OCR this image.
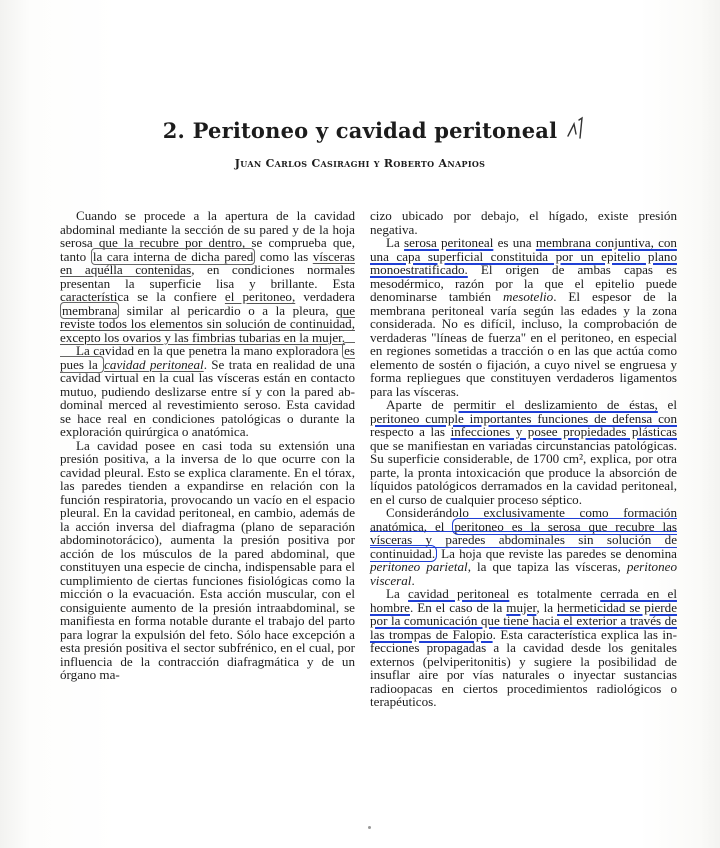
2. Peritoneo y cavidad peritoneal
Juan Carlos Casiraghi y Roberto Anapios

Cuando se procede a la apertura de la cavidad abdominal mediante la sección de su pared y de la hoja serosa que la recubre por dentro, se comprueba que, tanto la cara interna de dicha pared como las vísceras en aquélla contenidas, en condiciones normales presentan la superficie lisa y brillante. Esta característica se la confiere el peritoneo, verdadera membrana similar al pericardio o a la pleura, que reviste todos los elementos sin solución de continuidad, excepto los ovarios y las fimbrias tubarias en la mujer.

La cavidad en la que penetra la mano exploradora es pues la cavidad peritoneal. Se trata en realidad de una cavidad virtual en la cual las vísceras están en contacto mutuo, pudiendo deslizarse entre sí y con la pared abdominal merced al revestimiento seroso. Esta cavidad se hace real en condiciones patológicas o durante la exploración quirúrgica o anatómica.

La cavidad posee en casi toda su extensión una presión positiva, a la inversa de lo que ocurre con la cavidad pleural. Esto se explica claramente. En el tórax, las paredes tienden a expandirse en relación con la función respiratoria, provocando un vacío en el espacio pleural. En la cavidad peritoneal, en cambio, además de la acción inversa del diafragma (plano de separación abdominotorácico), aumenta la presión positiva por acción de los músculos de la pared abdominal, que constituyen una especie de cincha, indispensable para el cumplimiento de ciertas funciones fisiológicas como la micción o la evacuación. Esta acción muscular, con el consiguiente aumento de la presión intraabdominal, se manifiesta en forma notable durante el trabajo del parto para lograr la expulsión del feto. Sólo hace excepción a esta presión positiva el sector subfrénico, en el cual, por influencia de la contracción diafragmática y de un órgano ma-

cizo ubicado por debajo, el hígado, existe presión negativa.

La serosa peritoneal es una membrana conjuntiva, con una capa superficial constituida por un epitelio plano monoestratificado. El origen de ambas capas es mesodérmico, razón por la que el epitelio puede denominarse también mesotelio. El espesor de la membrana peritoneal varía según las edades y la zona considerada. No es difícil, incluso, la comprobación de verdaderas "líneas de fuerza" en el peritoneo, en especial en regiones sometidas a tracción o en las que actúa como elemento de sostén o fijación, a cuyo nivel se engruesa y forma repliegues que constituyen verdaderos ligamentos para las vísceras.

Aparte de permitir el deslizamiento de éstas, el peritoneo cumple importantes funciones de defensa con respecto a las infecciones y posee propiedades plásticas que se manifiestan en variadas circunstancias patológicas. Su superficie considerable, de 1700 cm², explica, por otra parte, la pronta intoxicación que produce la absorción de líquidos patológicos derramados en la cavidad peritoneal, en el curso de cualquier proceso séptico.

Considerándolo exclusivamente como formación anatómica, el peritoneo es la serosa que recubre las vísceras y paredes abdominales sin solución de continuidad. La hoja que reviste las paredes se denomina peritoneo parietal, la que tapiza las vísceras, peritoneo visceral.

La cavidad peritoneal es totalmente cerrada en el hombre. En el caso de la mujer, la hermeticidad se pierde por la comunicación que tiene hacia el exterior a través de las trompas de Falopio. Esta característica explica las infecciones propagadas a la cavidad desde los genitales externos (pelviperitonitis) y sugiere la posibilidad de insuflar aire por vías naturales o inyectar sustancias radioopacas en ciertos procedimientos radiológicos o terapéuticos.
